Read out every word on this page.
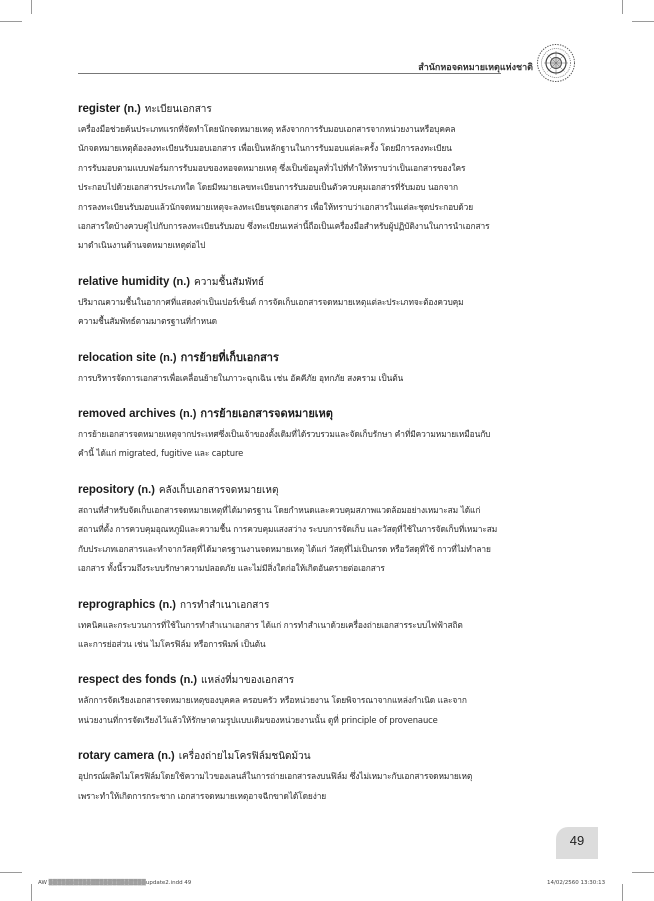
สำนักหอจดหมายเหตุแห่งชาติ
register (n.) ทะเบียนเอกสาร
เครื่องมือช่วยค้นประเภทแรกที่จัดทำโดยนักจดหมายเหตุ หลังจากการรับมอบเอกสารจากหน่วยงานหรือบุคคล
นักจดหมายเหตุต้องลงทะเบียนรับมอบเอกสาร เพื่อเป็นหลักฐานในการรับมอบแต่ละครั้ง โดยมีการลงทะเบียน
การรับมอบตามแบบฟอร์มการรับมอบของหอจดหมายเหตุ ซึ่งเป็นข้อมูลทั่วไปที่ทำให้ทราบว่าเป็นเอกสารของใคร
ประกอบไปด้วยเอกสารประเภทใด โดยมีหมายเลขทะเบียนการรับมอบเป็นตัวควบคุมเอกสารที่รับมอบ นอกจาก
การลงทะเบียนรับมอบแล้วนักจดหมายเหตุจะลงทะเบียนชุดเอกสาร เพื่อให้ทราบว่าเอกสารในแต่ละชุดประกอบด้วย
เอกสารใดบ้างควบคู่ไปกับการลงทะเบียนรับมอบ ซึ่งทะเบียนเหล่านี้ถือเป็นเครื่องมือสำหรับผู้ปฏิบัติงานในการนำเอกสาร
มาดำเนินงานด้านจดหมายเหตุต่อไป
relative humidity (n.) ความชื้นสัมพัทธ์
ปริมาณความชื้นในอากาศที่แสดงค่าเป็นเปอร์เซ็นต์ การจัดเก็บเอกสารจดหมายเหตุแต่ละประเภทจะต้องควบคุม
ความชื้นสัมพัทธ์ตามมาตรฐานที่กำหนด
relocation site (n.) การย้ายที่เก็บเอกสาร
การบริหารจัดการเอกสารเพื่อเคลื่อนย้ายในภาวะฉุกเฉิน เช่น อัคคีภัย อุทกภัย สงคราม เป็นต้น
removed archives (n.) การย้ายเอกสารจดหมายเหตุ
การย้ายเอกสารจดหมายเหตุจากประเทศซึ่งเป็นเจ้าของตั้งเดิมที่ได้รวบรวมและจัดเก็บรักษา คำที่มีความหมายเหมือนกับ
คำนี้ ได้แก่ migrated, fugitive และ capture
repository (n.) คลังเก็บเอกสารจดหมายเหตุ
สถานที่สำหรับจัดเก็บเอกสารจดหมายเหตุที่ได้มาตรฐาน โดยกำหนดและควบคุมสภาพแวดล้อมอย่างเหมาะสม ได้แก่
สถานที่ตั้ง การควบคุมอุณหภูมิและความชื้น การควบคุมแสงสว่าง ระบบการจัดเก็บ และวัสดุที่ใช้ในการจัดเก็บที่เหมาะสม
กับประเภทเอกสารและทำจากวัสดุที่ได้มาตรฐานงานจดหมายเหตุ ได้แก่ วัสดุที่ไม่เป็นกรด หรือวัสดุที่ใช้ กาวที่ไม่ทำลาย
เอกสาร ทั้งนี้รวมถึงระบบรักษาความปลอดภัย และไม่มีสิ่งใดก่อให้เกิดอันตรายต่อเอกสาร
reprographics (n.) การทำสำเนาเอกสาร
เทคนิคและกระบวนการที่ใช้ในการทำสำเนาเอกสาร ได้แก่ การทำสำเนาด้วยเครื่องถ่ายเอกสารระบบไฟฟ้าสถิต
และการย่อส่วน เช่น ไมโครฟิล์ม หรือการพิมพ์ เป็นต้น
respect des fonds (n.) แหล่งที่มาของเอกสาร
หลักการจัดเรียงเอกสารจดหมายเหตุของบุคคล ครอบครัว หรือหน่วยงาน โดยพิจารณาจากแหล่งกำเนิด และจาก
หน่วยงานที่การจัดเรียงไว้แล้วให้รักษาตามรูปแบบเดิมของหน่วยงานนั้น ดูที่ principle of provenauce
rotary camera (n.) เครื่องถ่ายไมโครฟิล์มชนิดม้วน
อุปกรณ์ผลิตไมโครฟิล์มโดยใช้ความไวของเลนส์ในการถ่ายเอกสารลงบนฟิล์ม ซึ่งไม่เหมาะกับเอกสารจดหมายเหตุ
เพราะทำให้เกิดการกระชาก เอกสารจดหมายเหตุอาจฉีกขาดได้โดยง่าย
49
AW ▒▒▒▒▒▒▒▒▒▒▒▒▒▒▒▒▒▒▒▒▒▒▒update2.indd 49	14/02/2560 13:30:13
